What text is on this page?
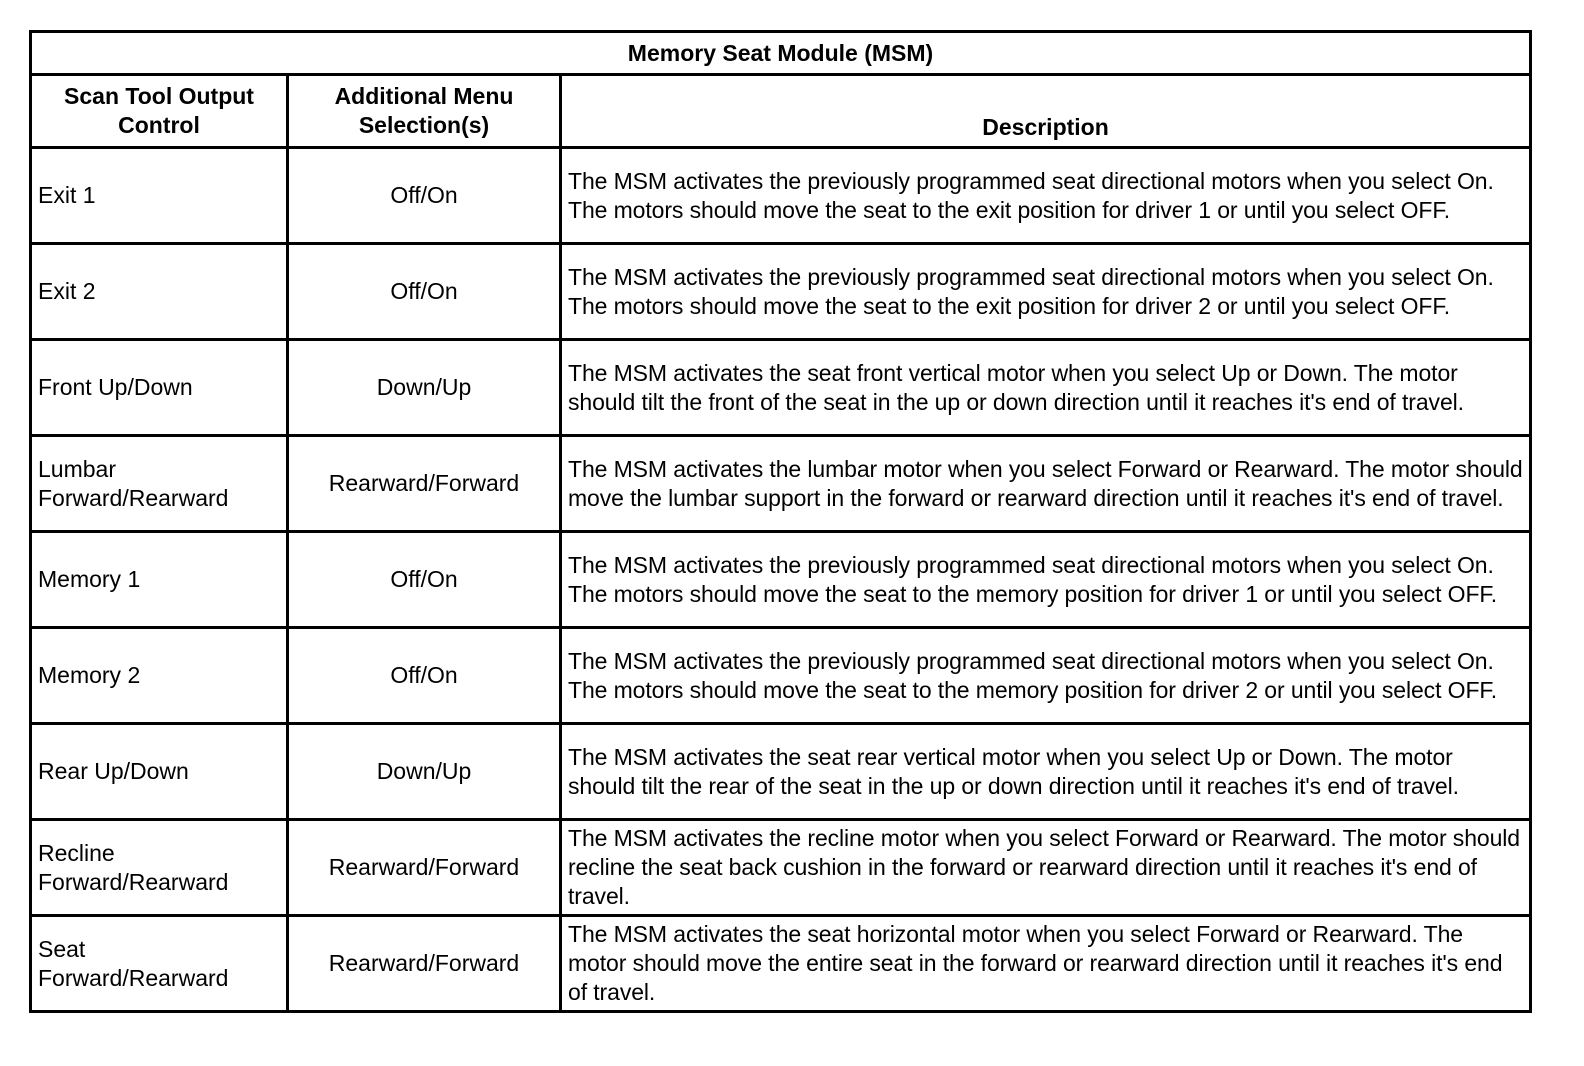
Memory Seat Module (MSM)		
Scan Tool Output Control	Additional Menu Selection(s)	Description
Exit 1	Off/On	The MSM activates the previously programmed seat directional motors when you select On. The motors should move the seat to the exit position for driver 1 or until you select OFF.
Exit 2	Off/On	The MSM activates the previously programmed seat directional motors when you select On. The motors should move the seat to the exit position for driver 2 or until you select OFF.
Front Up/Down	Down/Up	The MSM activates the seat front vertical motor when you select Up or Down. The motor should tilt the front of the seat in the up or down direction until it reaches it's end of travel.
Lumbar Forward/Rearward	Rearward/Forward	The MSM activates the lumbar motor when you select Forward or Rearward. The motor should move the lumbar support in the forward or rearward direction until it reaches it's end of travel.
Memory 1	Off/On	The MSM activates the previously programmed seat directional motors when you select On. The motors should move the seat to the memory position for driver 1 or until you select OFF.
Memory 2	Off/On	The MSM activates the previously programmed seat directional motors when you select On. The motors should move the seat to the memory position for driver 2 or until you select OFF.
Rear Up/Down	Down/Up	The MSM activates the seat rear vertical motor when you select Up or Down. The motor should tilt the rear of the seat in the up or down direction until it reaches it's end of travel.
Recline Forward/Rearward	Rearward/Forward	The MSM activates the recline motor when you select Forward or Rearward. The motor should recline the seat back cushion in the forward or rearward direction until it reaches it's end of travel.
Seat Forward/Rearward	Rearward/Forward	The MSM activates the seat horizontal motor when you select Forward or Rearward. The motor should move the entire seat in the forward or rearward direction until it reaches it's end of travel.
